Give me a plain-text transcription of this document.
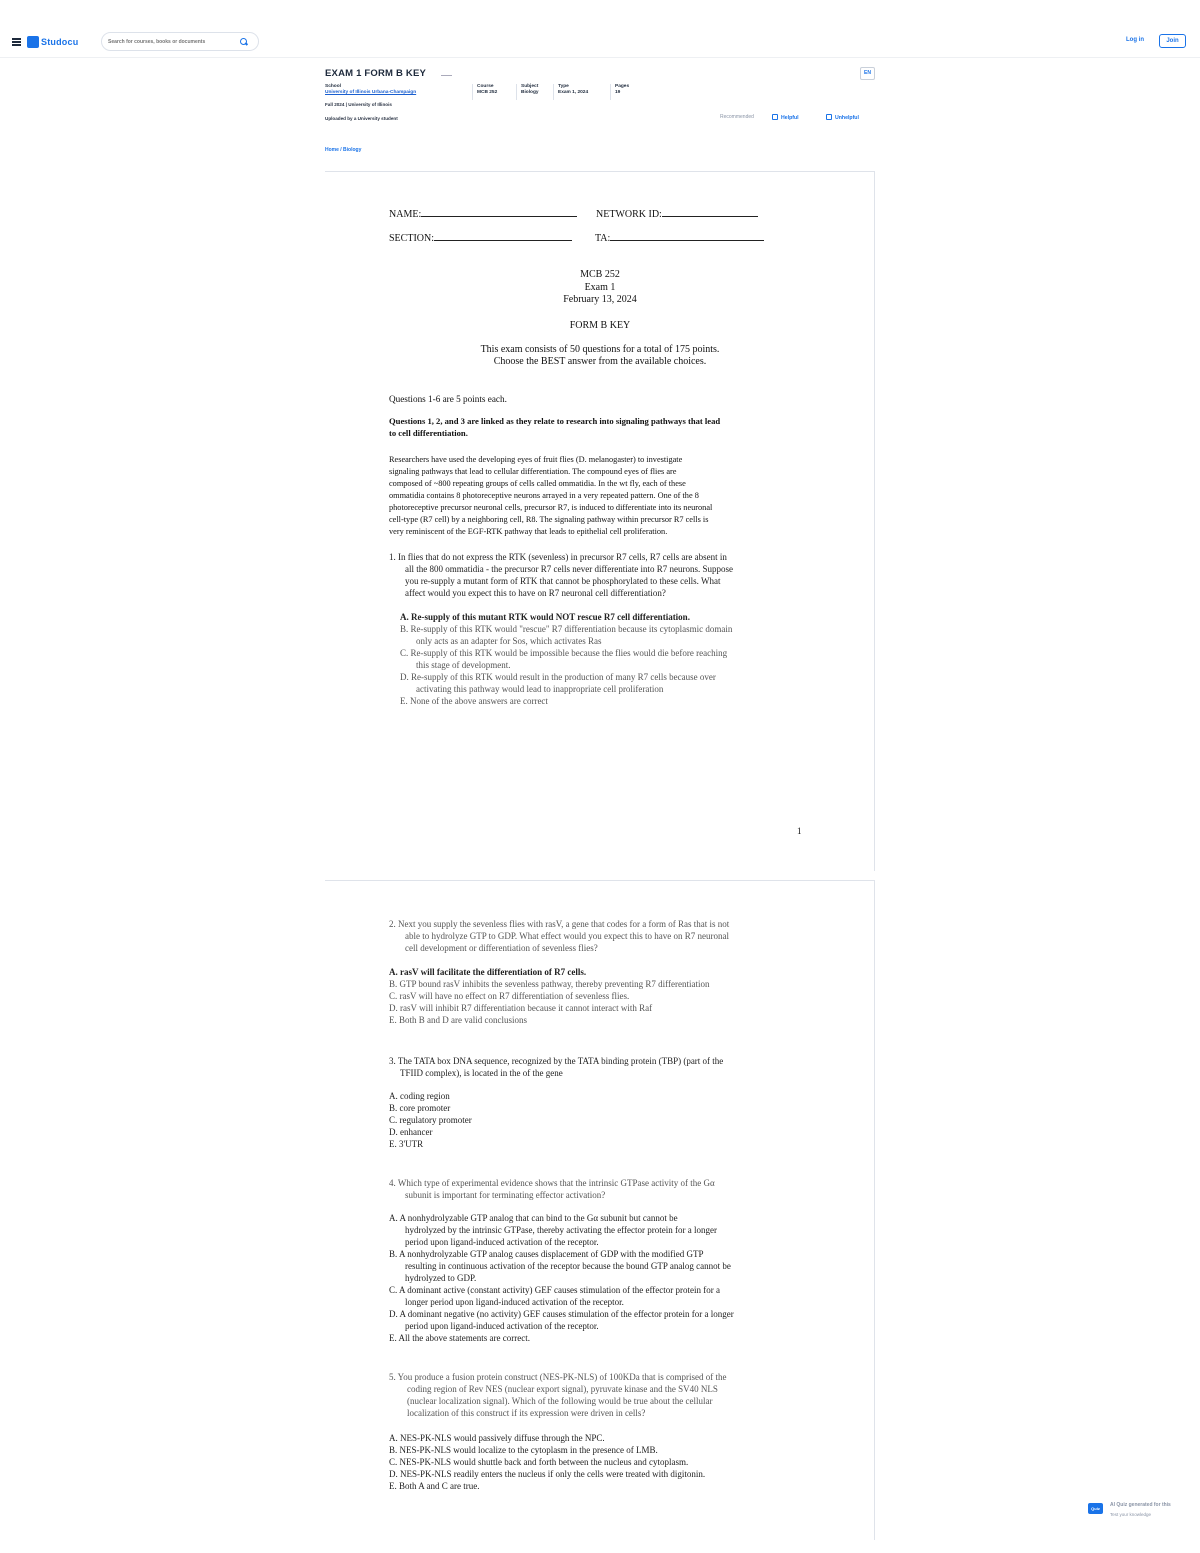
Studocu
Search for courses, books or documents	Log in	Join
EXAM 1 FORM B KEY	EN
School
University of Illinois Urbana-Champaign
Course
MCB 252
Subject
Biology
Type
Exam 1, 2024
Pages
19
Fall 2024 | University of Illinois
Uploaded by a University student	Recommended	Helpful	Unhelpful
Home / Biology
NAME:	NETWORK ID:
SECTION:	TA:
MCB 252
Exam 1
February 13, 2024
FORM B KEY
This exam consists of 50 questions for a total of 175 points.
Choose the BEST answer from the available choices.
Questions 1-6 are 5 points each.
Questions 1, 2, and 3 are linked as they relate to research into signaling pathways that lead
to cell differentiation.
Researchers have used the developing eyes of fruit flies (D. melanogaster) to investigate
signaling pathways that lead to cellular differentiation. The compound eyes of flies are
composed of ~800 repeating groups of cells called ommatidia. In the wt fly, each of these
ommatidia contains 8 photoreceptive neurons arrayed in a very repeated pattern. One of the 8
photoreceptive precursor neuronal cells, precursor R7, is induced to differentiate into its neuronal
cell-type (R7 cell) by a neighboring cell, R8. The signaling pathway within precursor R7 cells is
very reminiscent of the EGF-RTK pathway that leads to epithelial cell proliferation.
1. In flies that do not express the RTK (sevenless) in precursor R7 cells, R7 cells are absent in
all the 800 ommatidia - the precursor R7 cells never differentiate into R7 neurons. Suppose
you re-supply a mutant form of RTK that cannot be phosphorylated to these cells. What
affect would you expect this to have on R7 neuronal cell differentiation?
A. Re-supply of this mutant RTK would NOT rescue R7 cell differentiation.
B. Re-supply of this RTK would "rescue" R7 differentiation because its cytoplasmic domain
only acts as an adapter for Sos, which activates Ras
C. Re-supply of this RTK would be impossible because the flies would die before reaching
this stage of development.
D. Re-supply of this RTK would result in the production of many R7 cells because over
activating this pathway would lead to inappropriate cell proliferation
E. None of the above answers are correct
1
2. Next you supply the sevenless flies with rasV, a gene that codes for a form of Ras that is not
able to hydrolyze GTP to GDP. What effect would you expect this to have on R7 neuronal
cell development or differentiation of sevenless flies?
A. rasV will facilitate the differentiation of R7 cells.
B. GTP bound rasV inhibits the sevenless pathway, thereby preventing R7 differentiation
C. rasV will have no effect on R7 differentiation of sevenless flies.
D. rasV will inhibit R7 differentiation because it cannot interact with Raf
E. Both B and D are valid conclusions
3. The TATA box DNA sequence, recognized by the TATA binding protein (TBP) (part of the
TFIID complex), is located in the of the gene
A. coding region
B. core promoter
C. regulatory promoter
D. enhancer
E. 3'UTR
4. Which type of experimental evidence shows that the intrinsic GTPase activity of the Gα
subunit is important for terminating effector activation?
A. A nonhydrolyzable GTP analog that can bind to the Gα subunit but cannot be
hydrolyzed by the intrinsic GTPase, thereby activating the effector protein for a longer
period upon ligand-induced activation of the receptor.
B. A nonhydrolyzable GTP analog causes displacement of GDP with the modified GTP
resulting in continuous activation of the receptor because the bound GTP analog cannot be
hydrolyzed to GDP.
C. A dominant active (constant activity) GEF causes stimulation of the effector protein for a
longer period upon ligand-induced activation of the receptor.
D. A dominant negative (no activity) GEF causes stimulation of the effector protein for a longer
period upon ligand-induced activation of the receptor.
E. All the above statements are correct.
5. You produce a fusion protein construct (NES-PK-NLS) of 100KDa that is comprised of the
coding region of Rev NES (nuclear export signal), pyruvate kinase and the SV40 NLS
(nuclear localization signal). Which of the following would be true about the cellular
localization of this construct if its expression were driven in cells?
A. NES-PK-NLS would passively diffuse through the NPC.
B. NES-PK-NLS would localize to the cytoplasm in the presence of LMB.
C. NES-PK-NLS would shuttle back and forth between the nucleus and cytoplasm.
D. NES-PK-NLS readily enters the nucleus if only the cells were treated with digitonin.
E. Both A and C are true.
Quiz
AI Quiz generated for this
Test your knowledge
